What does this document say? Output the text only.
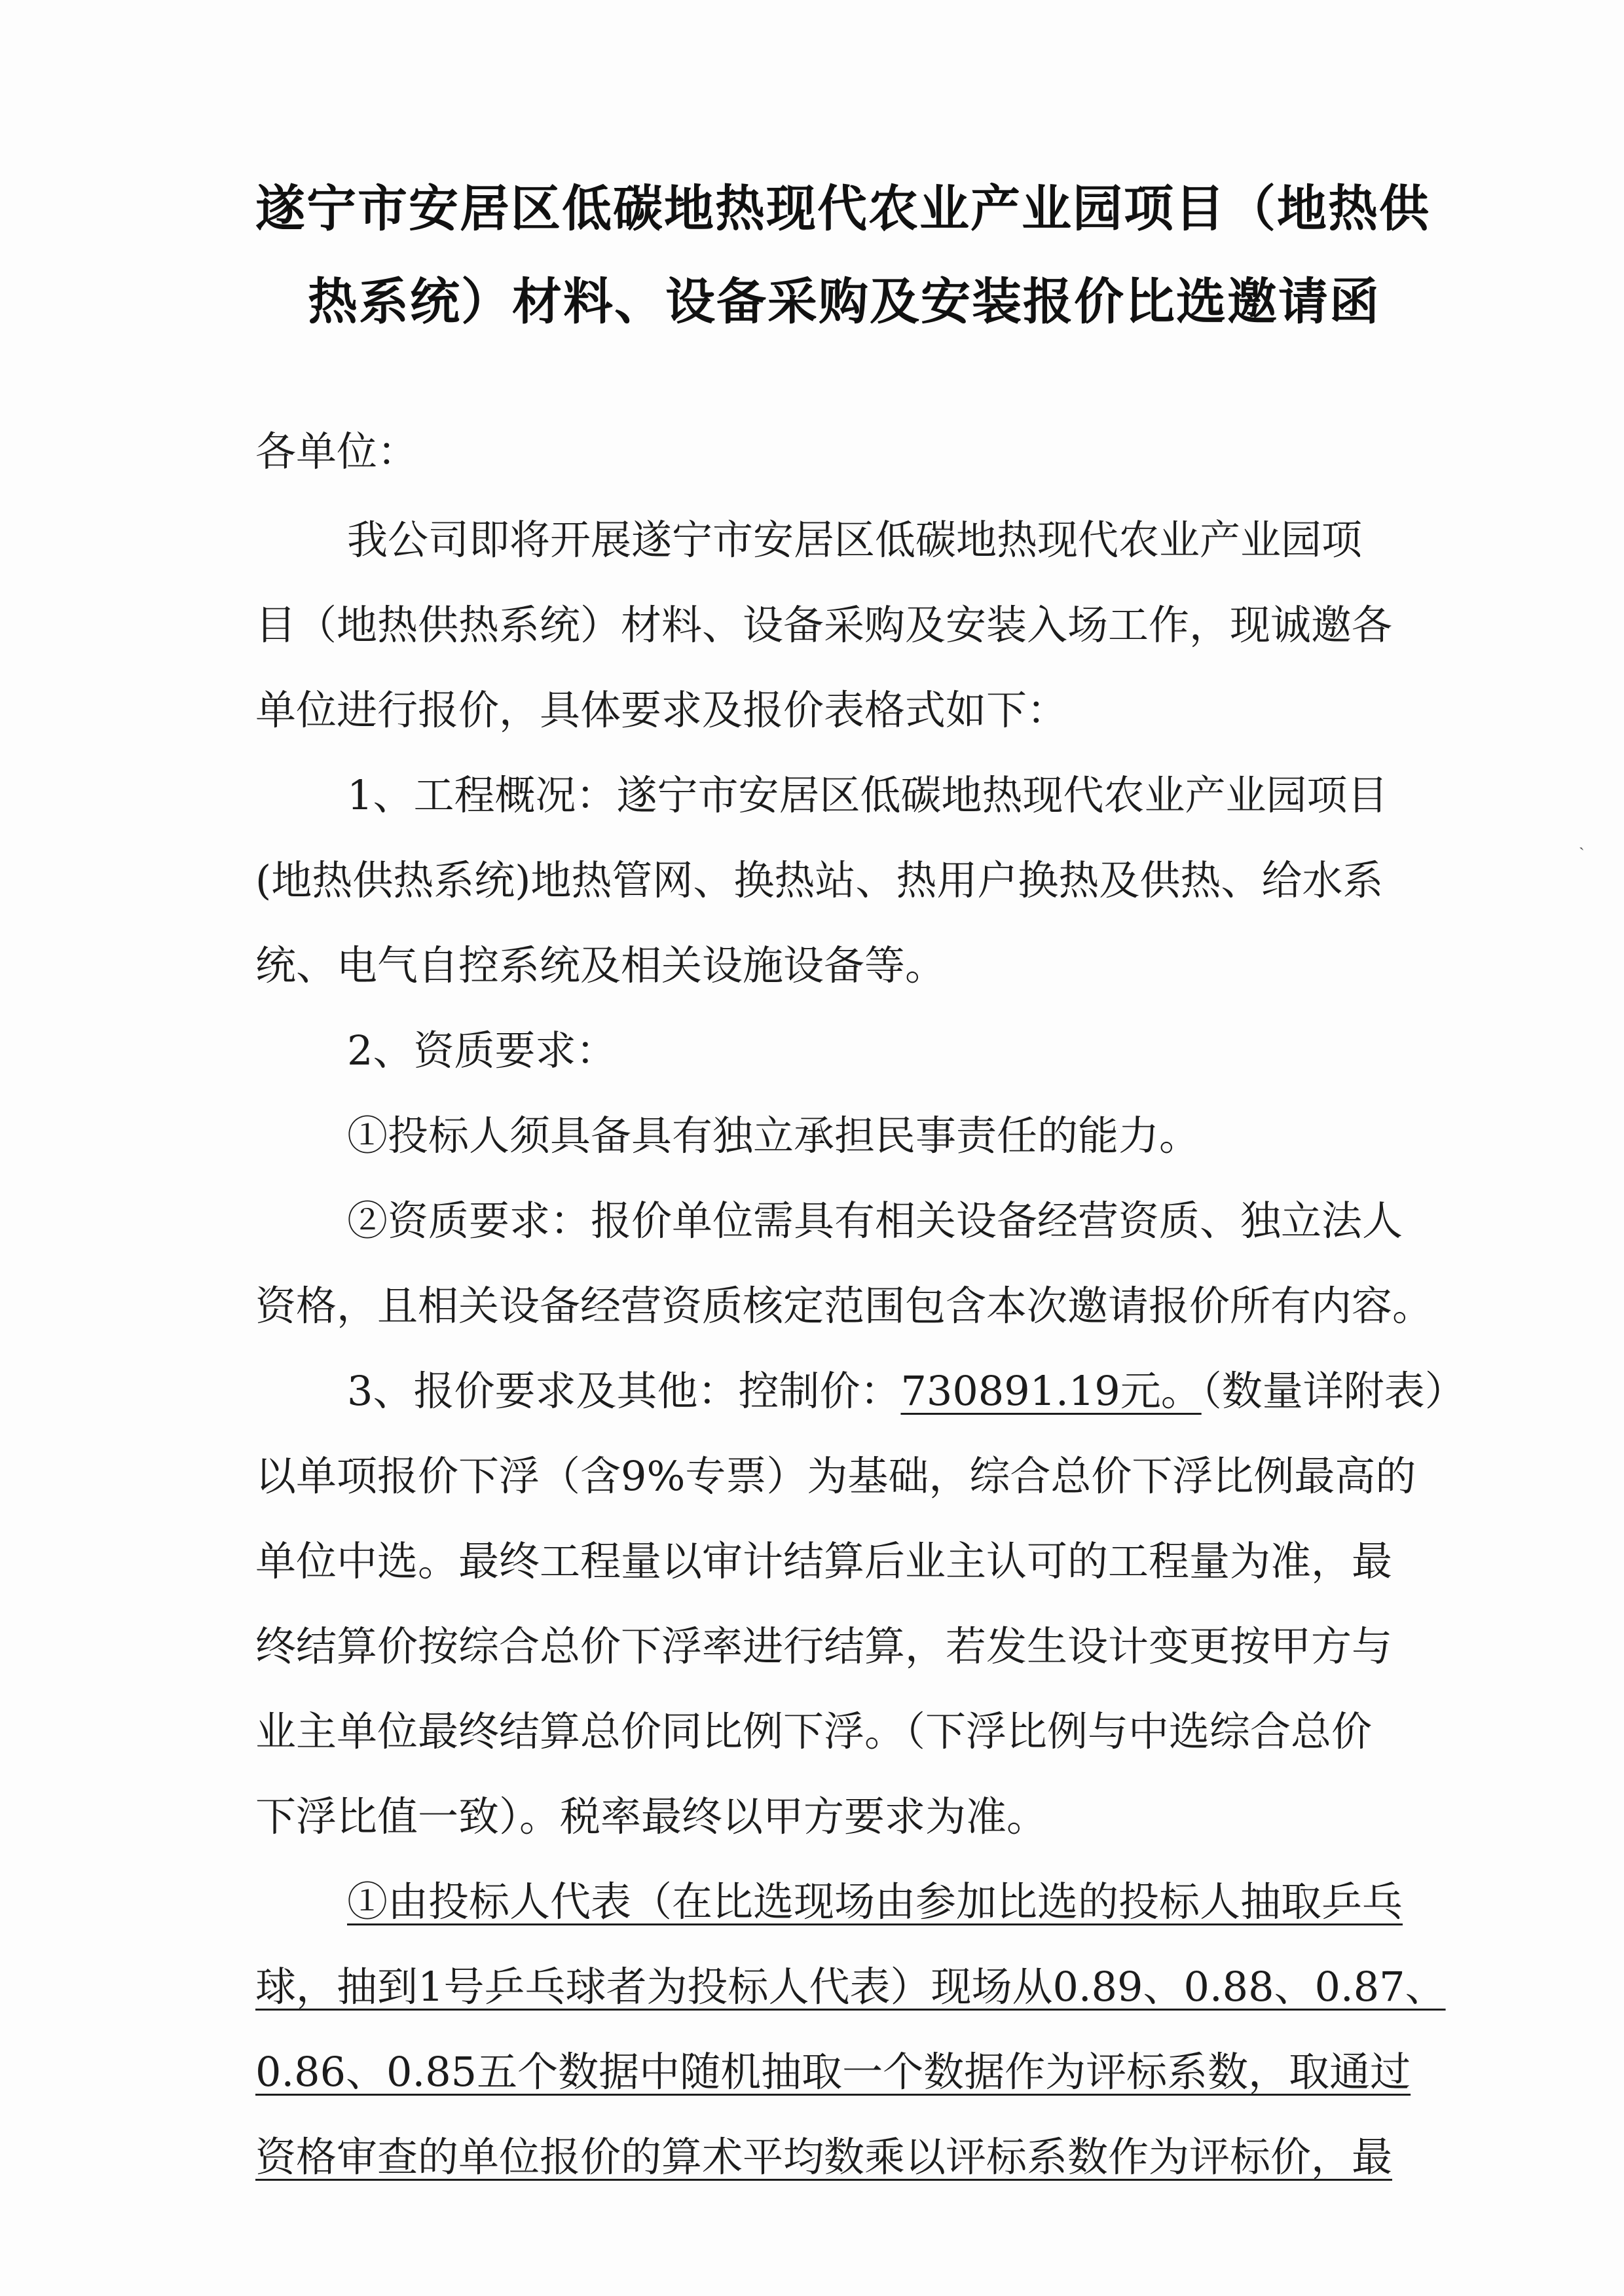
遂宁市安居区低碳地热现代农业产业园项目（地热供
热系统）材料、设备采购及安装报价比选邀请函
各单位：
我公司即将开展遂宁市安居区低碳地热现代农业产业园项
目（地热供热系统）材料、设备采购及安装入场工作，现诚邀各
单位进行报价，具体要求及报价表格式如下：
1、工程概况：遂宁市安居区低碳地热现代农业产业园项目
(地热供热系统)地热管网、换热站、热用户换热及供热、给水系
统、电气自控系统及相关设施设备等。
2、资质要求：
①投标人须具备具有独立承担民事责任的能力。
②资质要求：报价单位需具有相关设备经营资质、独立法人
资格，且相关设备经营资质核定范围包含本次邀请报价所有内容。
3、报价要求及其他：控制价：730891.19元。（数量详附表）
以单项报价下浮（含9%专票）为基础，综合总价下浮比例最高的
单位中选。最终工程量以审计结算后业主认可的工程量为准，最
终结算价按综合总价下浮率进行结算，若发生设计变更按甲方与
业主单位最终结算总价同比例下浮。（下浮比例与中选综合总价
下浮比值一致）。税率最终以甲方要求为准。
①由投标人代表（在比选现场由参加比选的投标人抽取乒乓
球，抽到1号乒乓球者为投标人代表）现场从0.89、0.88、0.87、
0.86、0.85五个数据中随机抽取一个数据作为评标系数，取通过
资格审查的单位报价的算术平均数乘以评标系数作为评标价，最
ˎ
